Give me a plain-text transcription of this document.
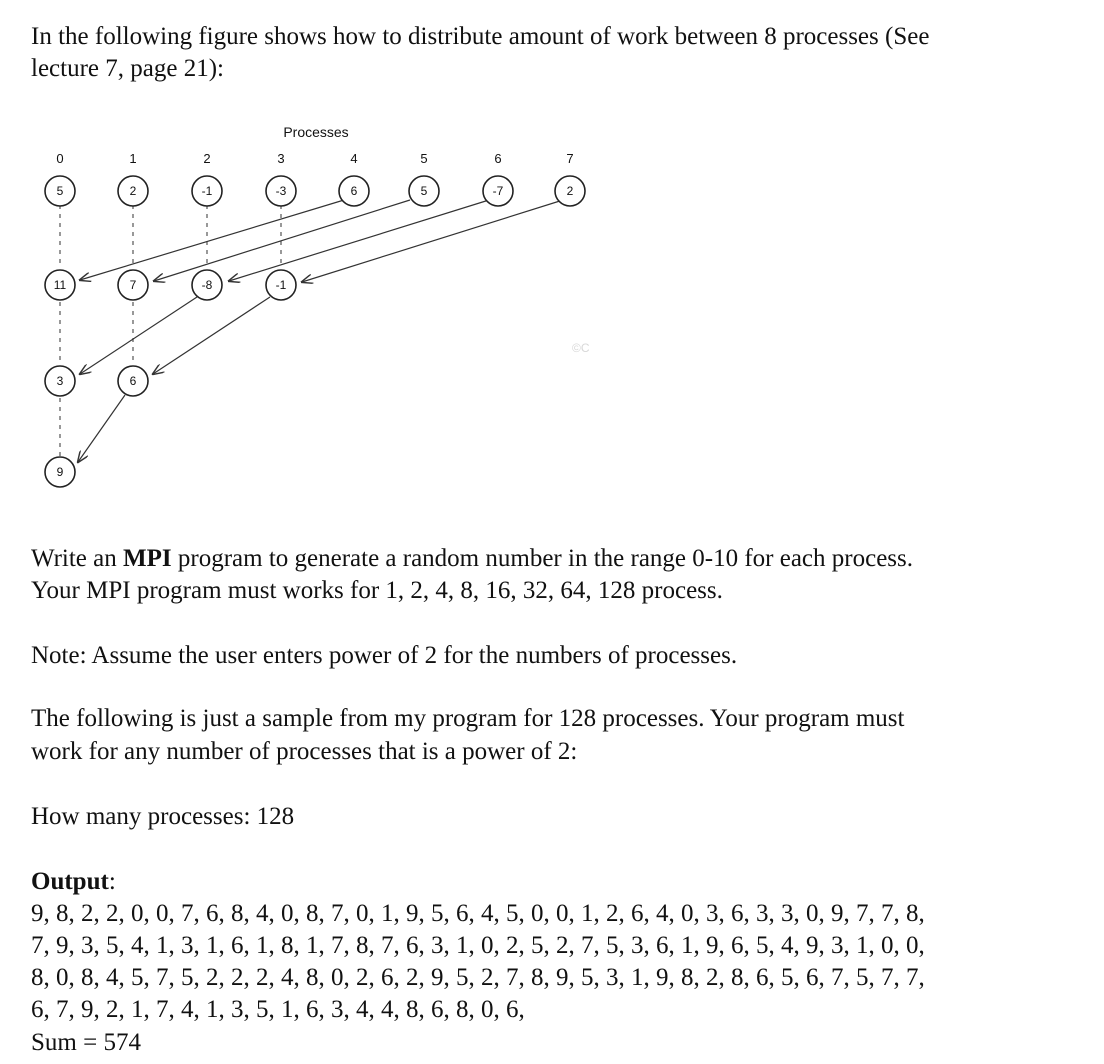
In the following figure shows how to distribute amount of work between 8 processes (See

lecture 7, page 21):

Processes
0	1	2	3	4	5	6	7
5	2	-1	-3	6	5	-7	2
11	7	-8	-1
3	6
9
©C

Write an MPI program to generate a random number in the range 0-10 for each process.

Your MPI program must works for 1, 2, 4, 8, 16, 32, 64, 128 process.

Note: Assume the user enters power of 2 for the numbers of processes.

The following is just a sample from my program for 128 processes. Your program must

work for any number of processes that is a power of 2:

How many processes: 128

Output:

9, 8, 2, 2, 0, 0, 7, 6, 8, 4, 0, 8, 7, 0, 1, 9, 5, 6, 4, 5, 0, 0, 1, 2, 6, 4, 0, 3, 6, 3, 3, 0, 9, 7, 7, 8,

7, 9, 3, 5, 4, 1, 3, 1, 6, 1, 8, 1, 7, 8, 7, 6, 3, 1, 0, 2, 5, 2, 7, 5, 3, 6, 1, 9, 6, 5, 4, 9, 3, 1, 0, 0,

8, 0, 8, 4, 5, 7, 5, 2, 2, 2, 4, 8, 0, 2, 6, 2, 9, 5, 2, 7, 8, 9, 5, 3, 1, 9, 8, 2, 8, 6, 5, 6, 7, 5, 7, 7,

6, 7, 9, 2, 1, 7, 4, 1, 3, 5, 1, 6, 3, 4, 4, 8, 6, 8, 0, 6,

Sum = 574
